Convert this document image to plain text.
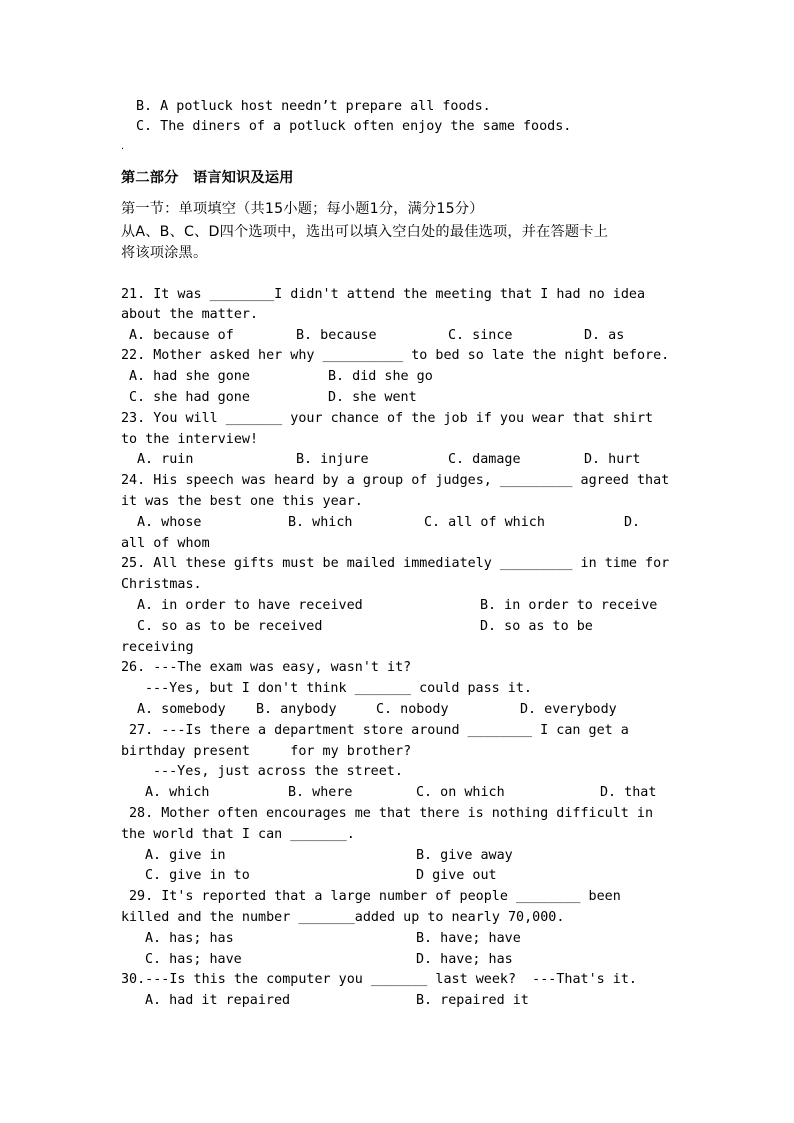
B. A potluck host needn’t prepare all foods.
C. The diners of a potluck often enjoy the same foods.
.
第二部分　语言知识及运用
第一节：单项填空（共15小题；每小题1分，满分15分）
从A、B、C、D四个选项中，选出可以填入空白处的最佳选项，并在答题卡上
将该项涂黑。
21. It was ________I didn't attend the meeting that I had no idea
about the matter.
A. because of	B. because	C. since	D. as
22. Mother asked her why __________ to bed so late the night before.
A. had she gone	B. did she go
C. she had gone	D. she went
23. You will _______ your chance of the job if you wear that shirt
to the interview!
A. ruin	B. injure	C. damage	D. hurt
24. His speech was heard by a group of judges, _________ agreed that
it was the best one this year.
A. whose	B. which	C. all of which	D.
all of whom
25. All these gifts must be mailed immediately _________ in time for
Christmas.
A. in order to have received	B. in order to receive
C. so as to be received	D. so as to be
receiving
26. ---The exam was easy, wasn't it?
---Yes, but I don't think _______ could pass it.
A. somebody B. anybody	C. nobody	D. everybody
27. ---Is there a department store around ________ I can get a
birthday present     for my brother?
---Yes, just across the street.
A. which	B. where	C. on which	D. that
28. Mother often encourages me that there is nothing difficult in
the world that I can _______.
A. give in	B. give away
C. give in to	D give out
29. It's reported that a large number of people ________ been
killed and the number _______added up to nearly 70,000.
A. has; has	B. have; have
C. has; have	D. have; has
30.---Is this the computer you _______ last week?  ---That's it.
A. had it repaired	B. repaired it
